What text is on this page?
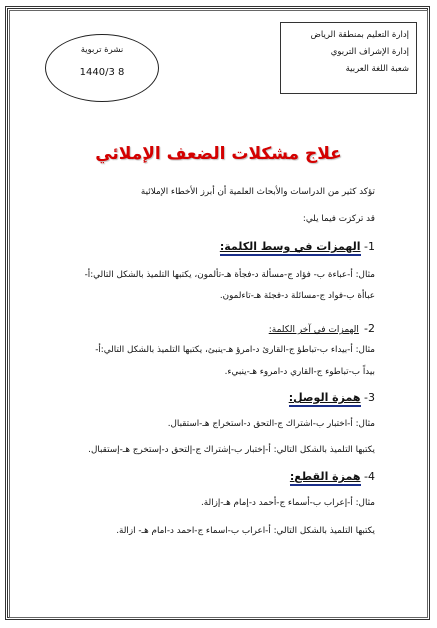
إدارة التعليم بمنطقة الرياض
إدارة الإشراف التربوي
شعبة اللغة العربية
نشرة تربوية
1440/3 8
علاج مشكلات الضعف الإملائي
تؤكد كثير من الدراسات والأبحاث العلمية أن أبرز الأخطاء الإملائية
قد تركزت فيما يلي:
1- الهمزات في وسط الكلمة:
مثال: أ-عباءة ب- فؤاد ج-مسألة د-فجأة هـ-تألمون، يكتبها التلميذ بالشكل التالي:أ-
عباأة ب-فواد ج-مسائلة د-فجئة هـ-تاءلمون.
2- الهمزات في آخر الكلمة:
مثال: أ-بيداء ب-تباطؤ ج-القارئ د-امرؤ هـ-ينبئ، يكتبها التلميذ بالشكل التالي:أ-
بيداً ب-تباطوء ج-القاري د-امروء هـ-ينبيء.
3- همزة الوصل:
مثال: أ-اختبار ب-اشتراك ج-التحق د-استخراج هـ-استقبال.
يكتبها التلميذ بالشكل التالي: أ-إختبار ب-إشتراك ج-إلتحق د-إستخرج هـ-إستقبال.
4- همزة القطع:
مثال: أ-إعراب ب-أسماء ج-أحمد د-إمام هـ-إزالة.
يكتبها التلميذ بالشكل التالي: أ-اعراب ب-اسماء ج-احمد د-امام هـ- ازالة.
